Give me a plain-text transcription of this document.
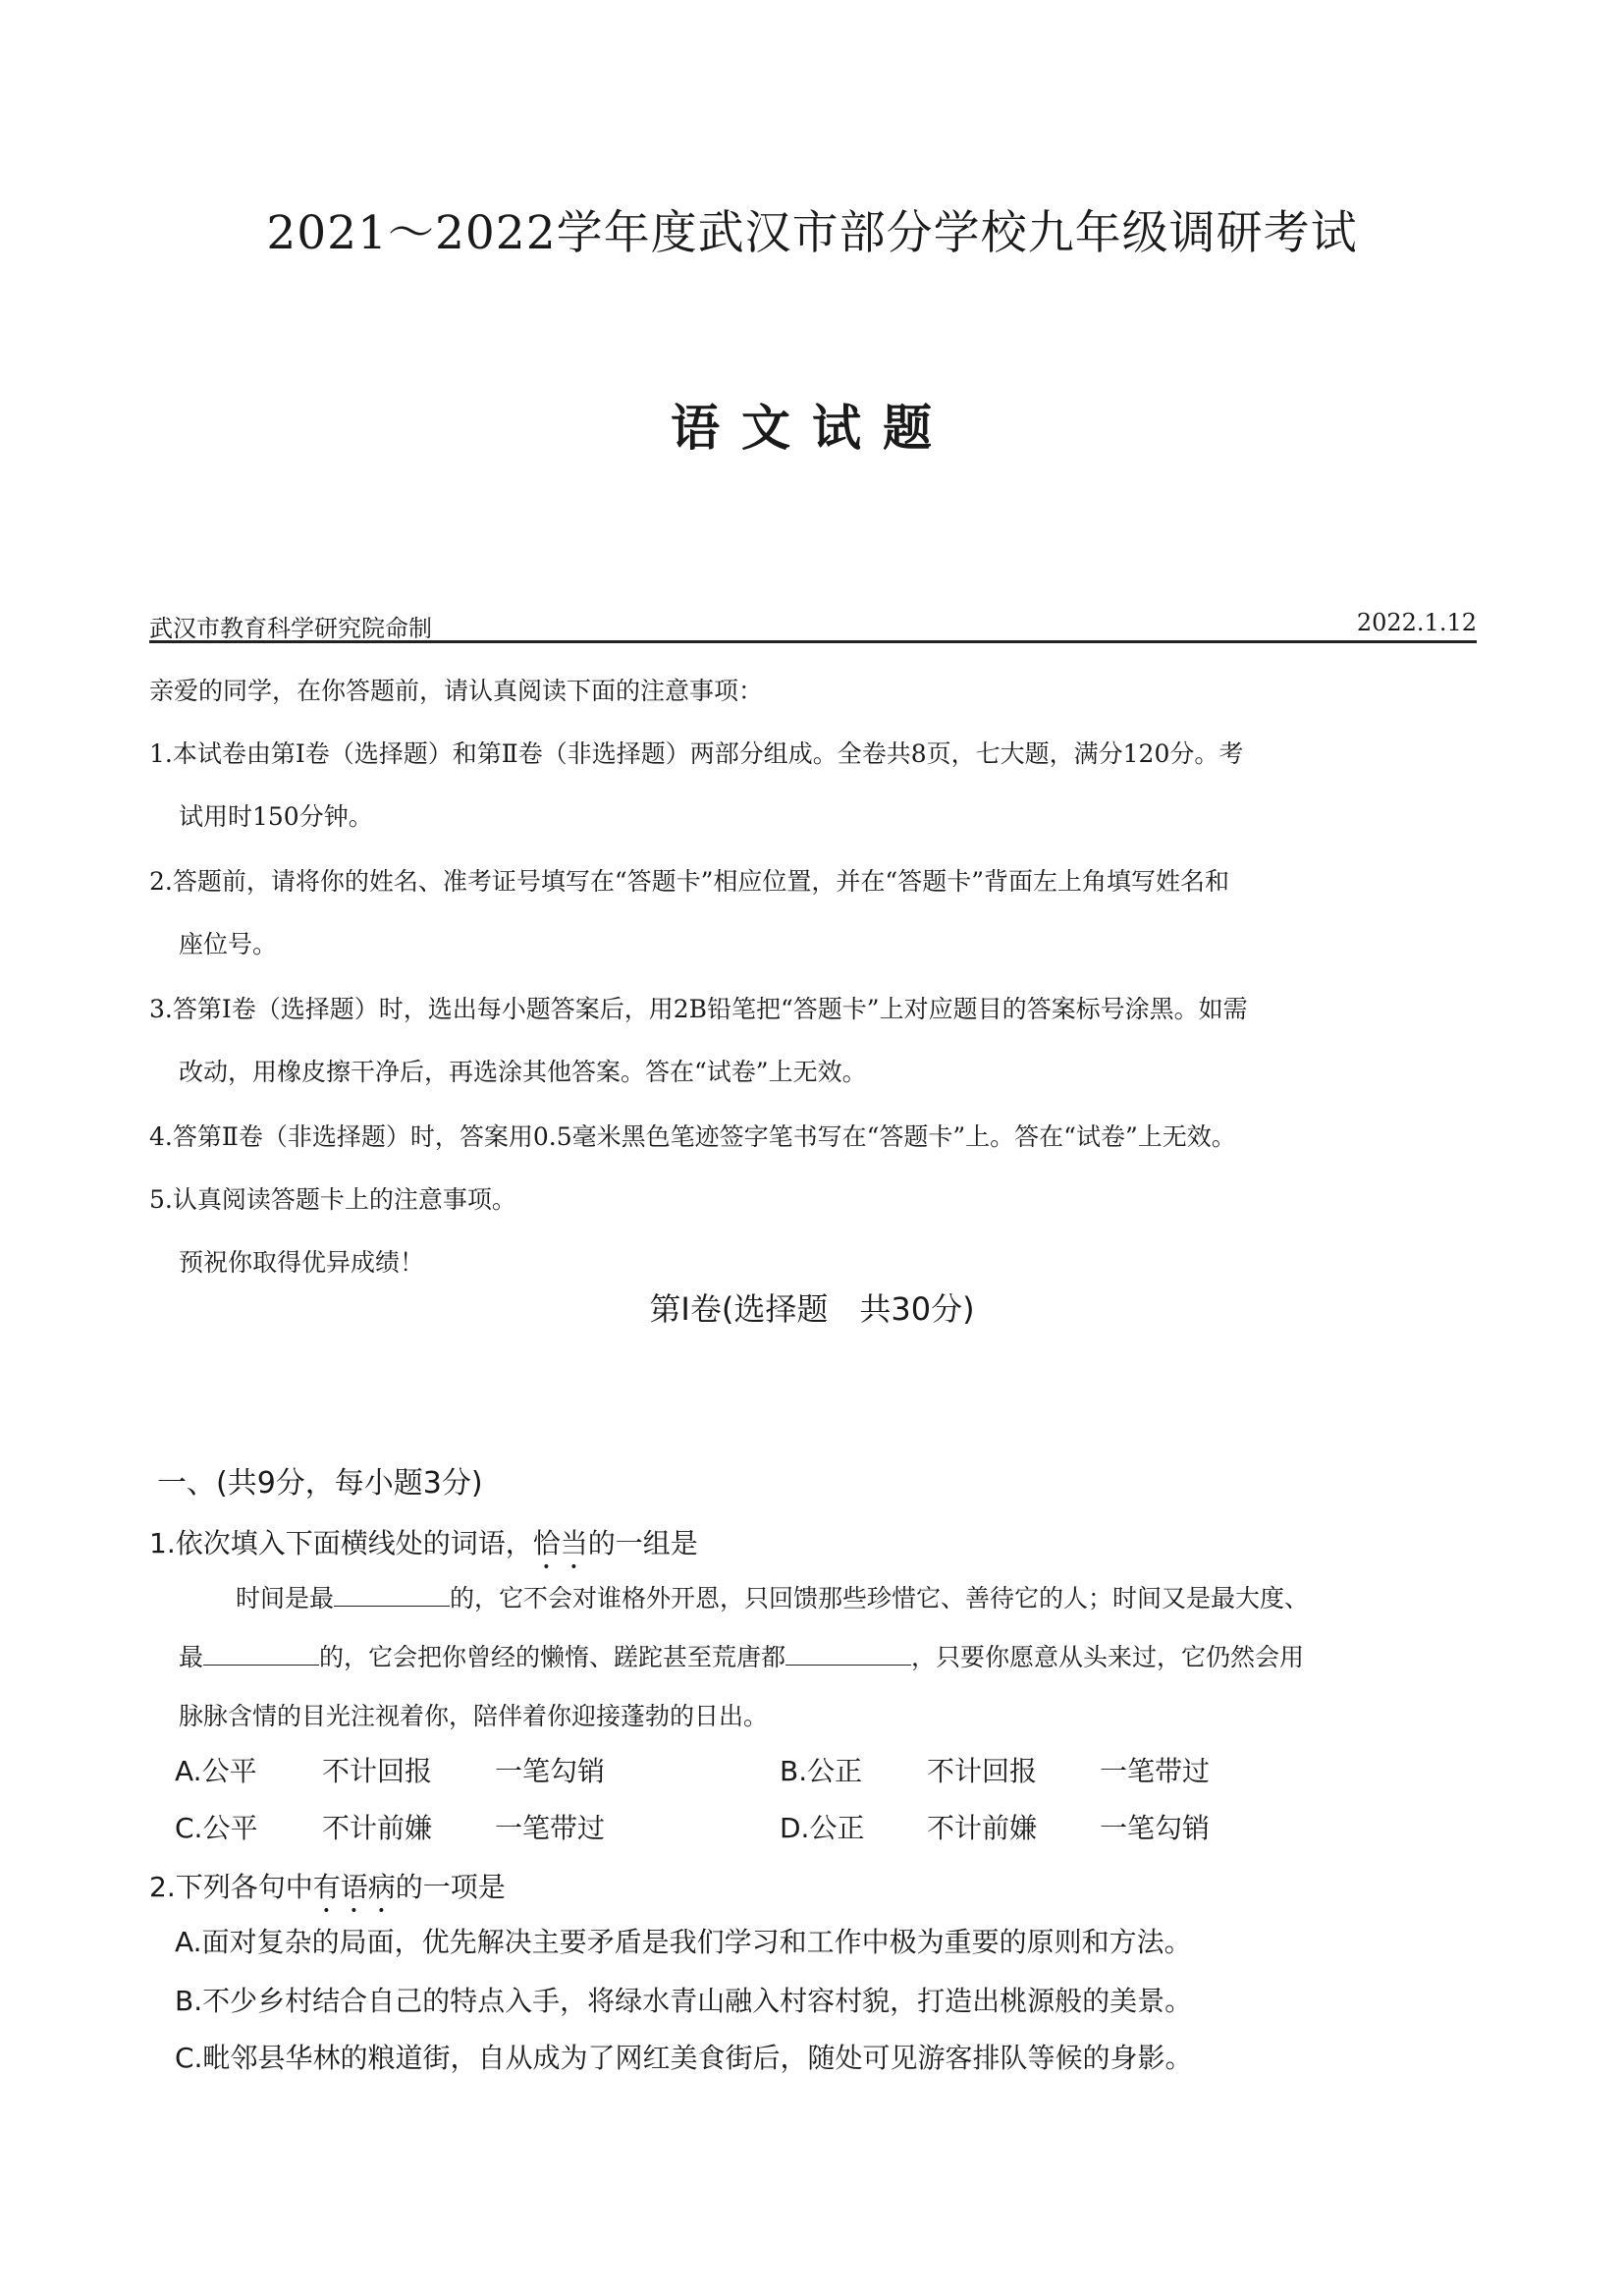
2021～2022学年度武汉市部分学校九年级调研考试
语文试题
武汉市教育科学研究院命制	2022.1.12
亲爱的同学，在你答题前，请认真阅读下面的注意事项：
1.本试卷由第Ⅰ卷（选择题）和第Ⅱ卷（非选择题）两部分组成。全卷共8页，七大题，满分120分。考
试用时150分钟。
2.答题前，请将你的姓名、准考证号填写在“答题卡”相应位置，并在“答题卡”背面左上角填写姓名和
座位号。
3.答第Ⅰ卷（选择题）时，选出每小题答案后，用2B铅笔把“答题卡”上对应题目的答案标号涂黑。如需
改动，用橡皮擦干净后，再选涂其他答案。答在“试卷”上无效。
4.答第Ⅱ卷（非选择题）时，答案用0.5毫米黑色笔迹签字笔书写在“答题卡”上。答在“试卷”上无效。
5.认真阅读答题卡上的注意事项。
预祝你取得优异成绩！
第Ⅰ卷(选择题　共30分)
一、(共9分，每小题3分)
1.依次填入下面横线处的词语，恰当的一组是
时间是最	的，它不会对谁格外开恩，只回馈那些珍惜它、善待它的人；时间又是最大度、
最	的，它会把你曾经的懒惰、蹉跎甚至荒唐都	，只要你愿意从头来过，它仍然会用
脉脉含情的目光注视着你，陪伴着你迎接蓬勃的日出。
A.公平 不计回报 一笔勾销	B.公正 不计回报 一笔带过
C.公平 不计前嫌 一笔带过	D.公正 不计前嫌 一笔勾销
2.下列各句中有语病的一项是
A.面对复杂的局面，优先解决主要矛盾是我们学习和工作中极为重要的原则和方法。
B.不少乡村结合自己的特点入手，将绿水青山融入村容村貌，打造出桃源般的美景。
C.毗邻县华林的粮道街，自从成为了网红美食街后，随处可见游客排队等候的身影。
